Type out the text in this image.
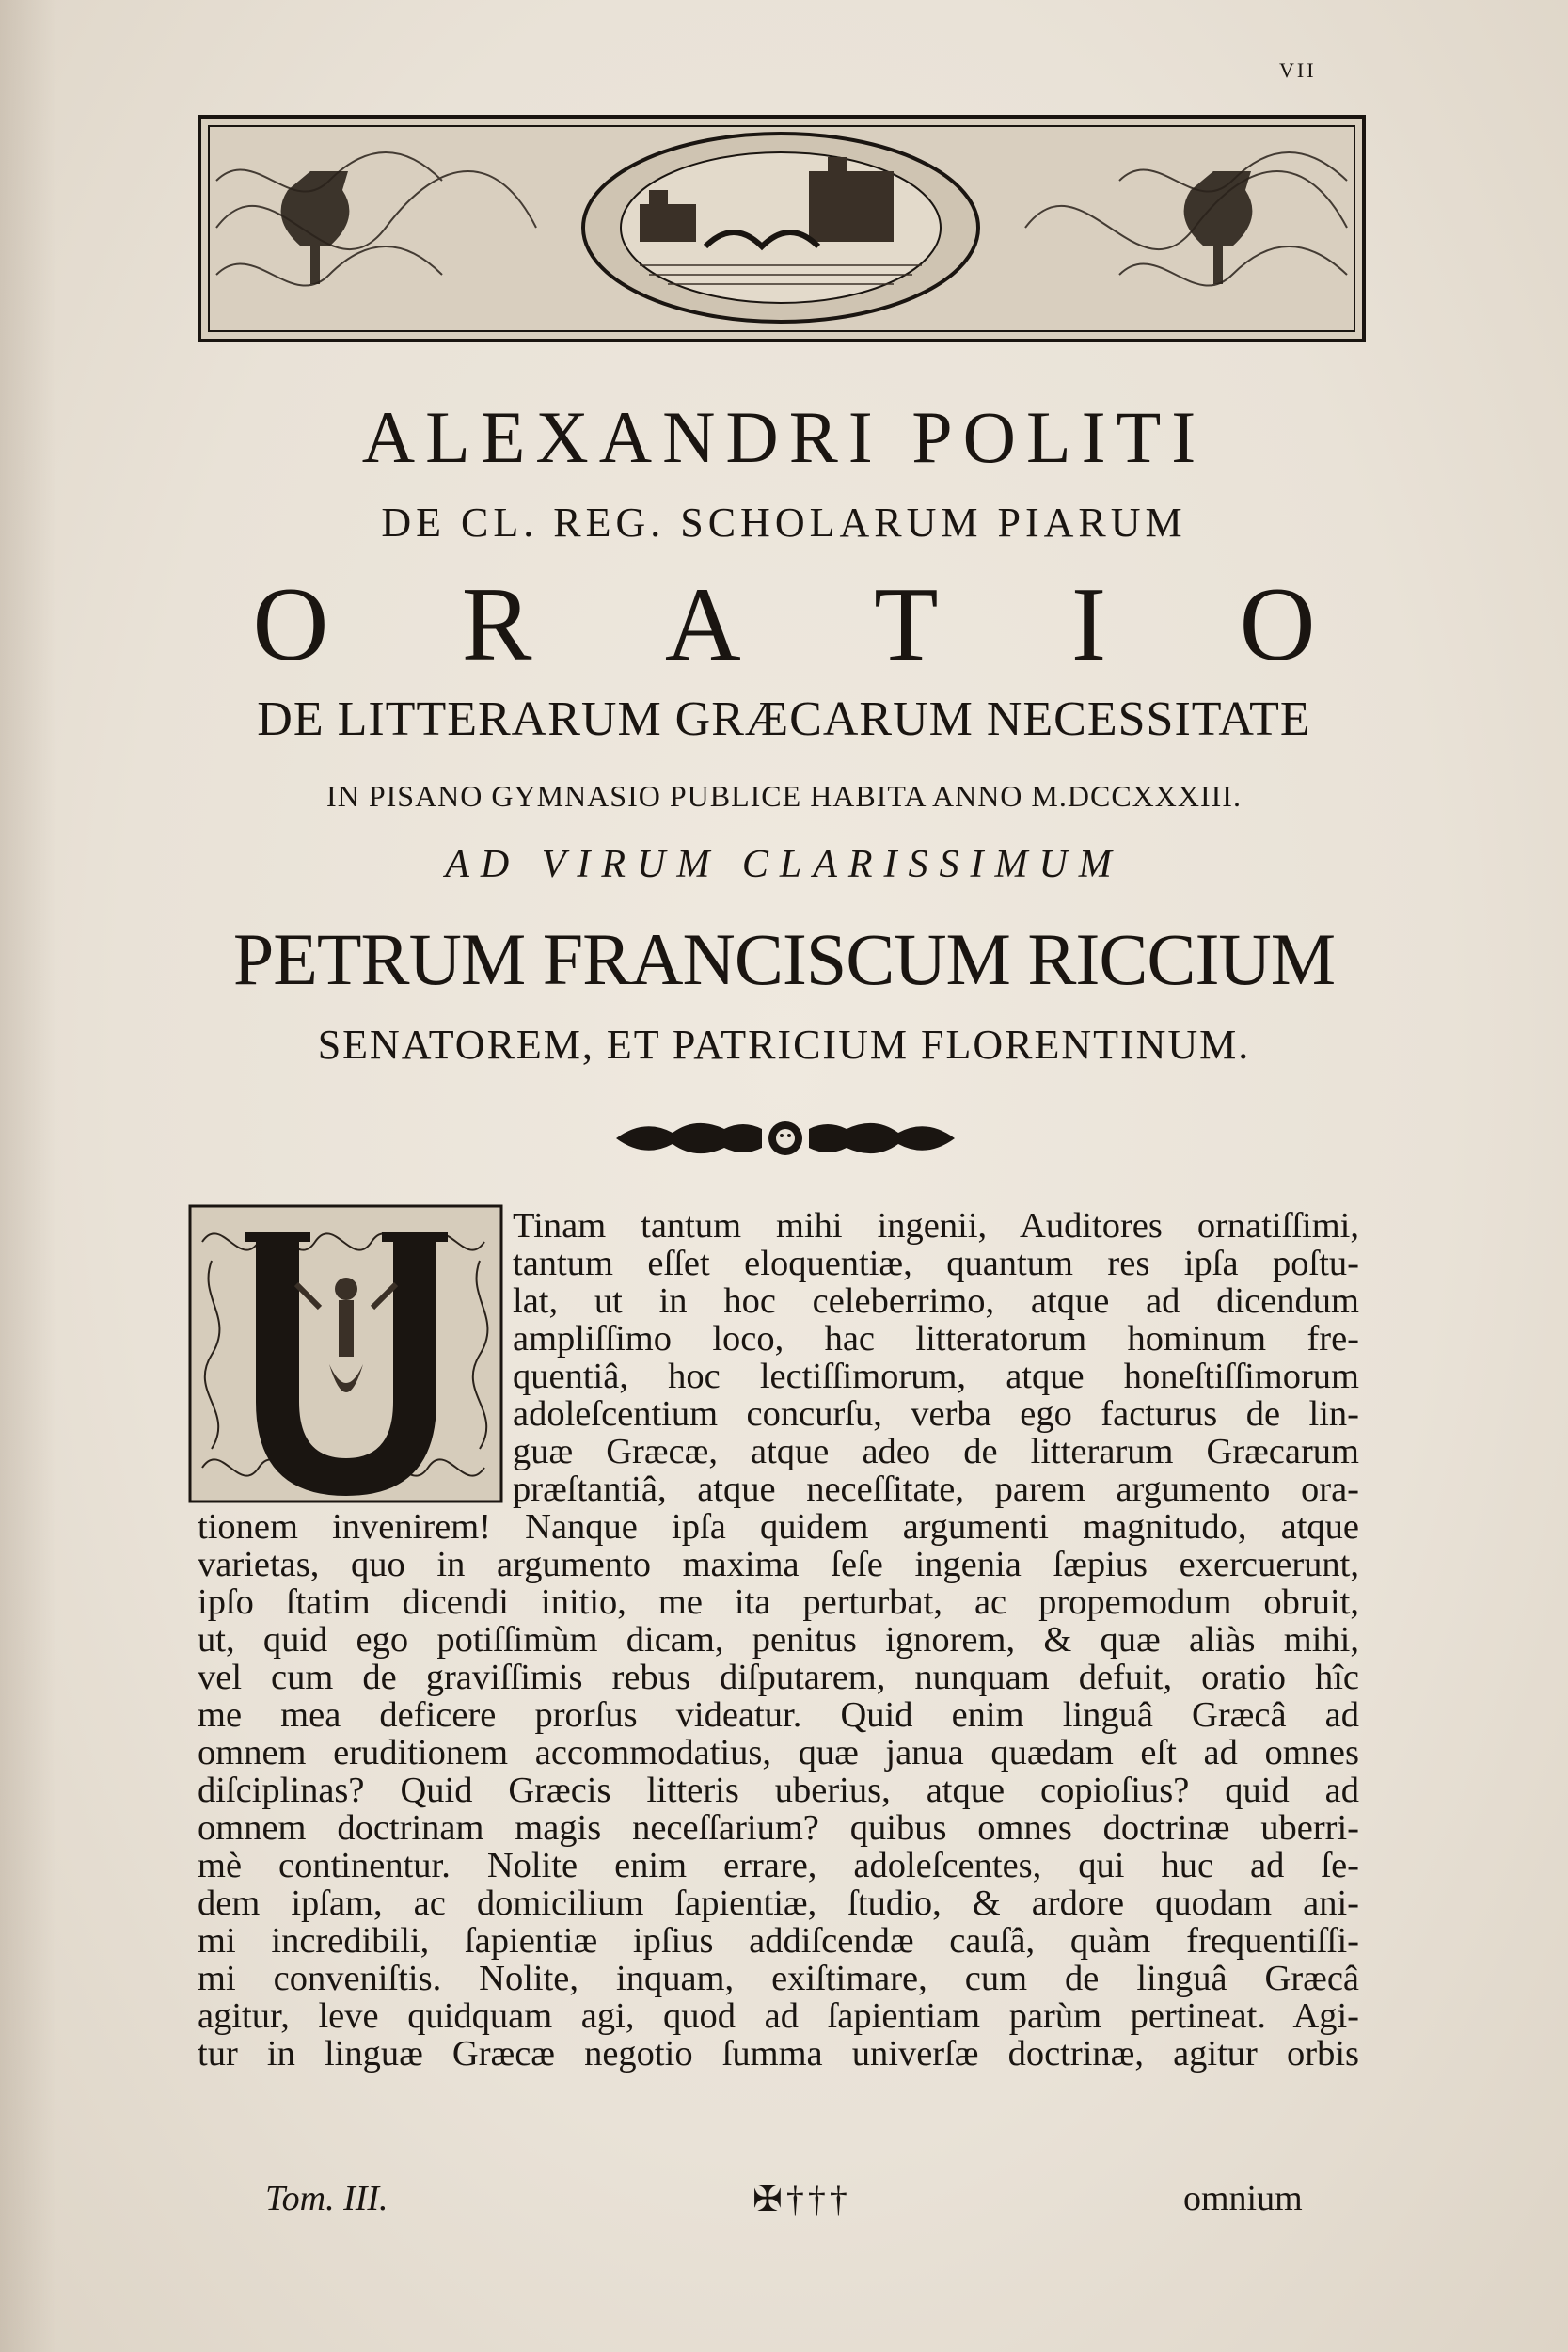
VII
ALEXANDRI POLITI
DE CL. REG. SCHOLARUM PIARUM
O R A T I O
DE LITTERARUM GRÆCARUM NECESSITATE
IN PISANO GYMNASIO PUBLICE HABITA ANNO M.DCCXXXIII.
AD VIRUM CLARISSIMUM
PETRUM FRANCISCUM RICCIUM
SENATOREM, ET PATRICIUM FLORENTINUM.
Tinam tantum mihi ingenii, Auditores ornatiſſimi,
tantum eſſet eloquentiæ, quantum res ipſa poſtu-
lat, ut in hoc celeberrimo, atque ad dicendum
ampliſſimo loco, hac litteratorum hominum fre-
quentiâ, hoc lectiſſimorum, atque honeſtiſſimorum
adoleſcentium concurſu, verba ego facturus de lin-
guæ Græcæ, atque adeo de litterarum Græcarum
præſtantiâ, atque neceſſitate, parem argumento ora-
tionem invenirem! Nanque ipſa quidem argumenti magnitudo, atque
varietas, quo in argumento maxima ſeſe ingenia ſæpius exercuerunt,
ipſo ſtatim dicendi initio, me ita perturbat, ac propemodum obruit,
ut, quid ego potiſſimùm dicam, penitus ignorem, & quæ aliàs mihi,
vel cum de graviſſimis rebus diſputarem, nunquam defuit, oratio hîc
me mea deficere prorſus videatur. Quid enim linguâ Græcâ ad
omnem eruditionem accommodatius, quæ janua quædam eſt ad omnes
diſciplinas? Quid Græcis litteris uberius, atque copioſius? quid ad
omnem doctrinam magis neceſſarium? quibus omnes doctrinæ uberri-
mè continentur. Nolite enim errare, adoleſcentes, qui huc ad ſe-
dem ipſam, ac domicilium ſapientiæ, ſtudio, & ardore quodam ani-
mi incredibili, ſapientiæ ipſius addiſcendæ cauſâ, quàm frequentiſſi-
mi conveniſtis. Nolite, inquam, exiſtimare, cum de linguâ Græcâ
agitur, leve quidquam agi, quod ad ſapientiam parùm pertineat. Agi-
tur in linguæ Græcæ negotio ſumma univerſæ doctrinæ, agitur orbis
Tom. III.	✠†††	omnium
